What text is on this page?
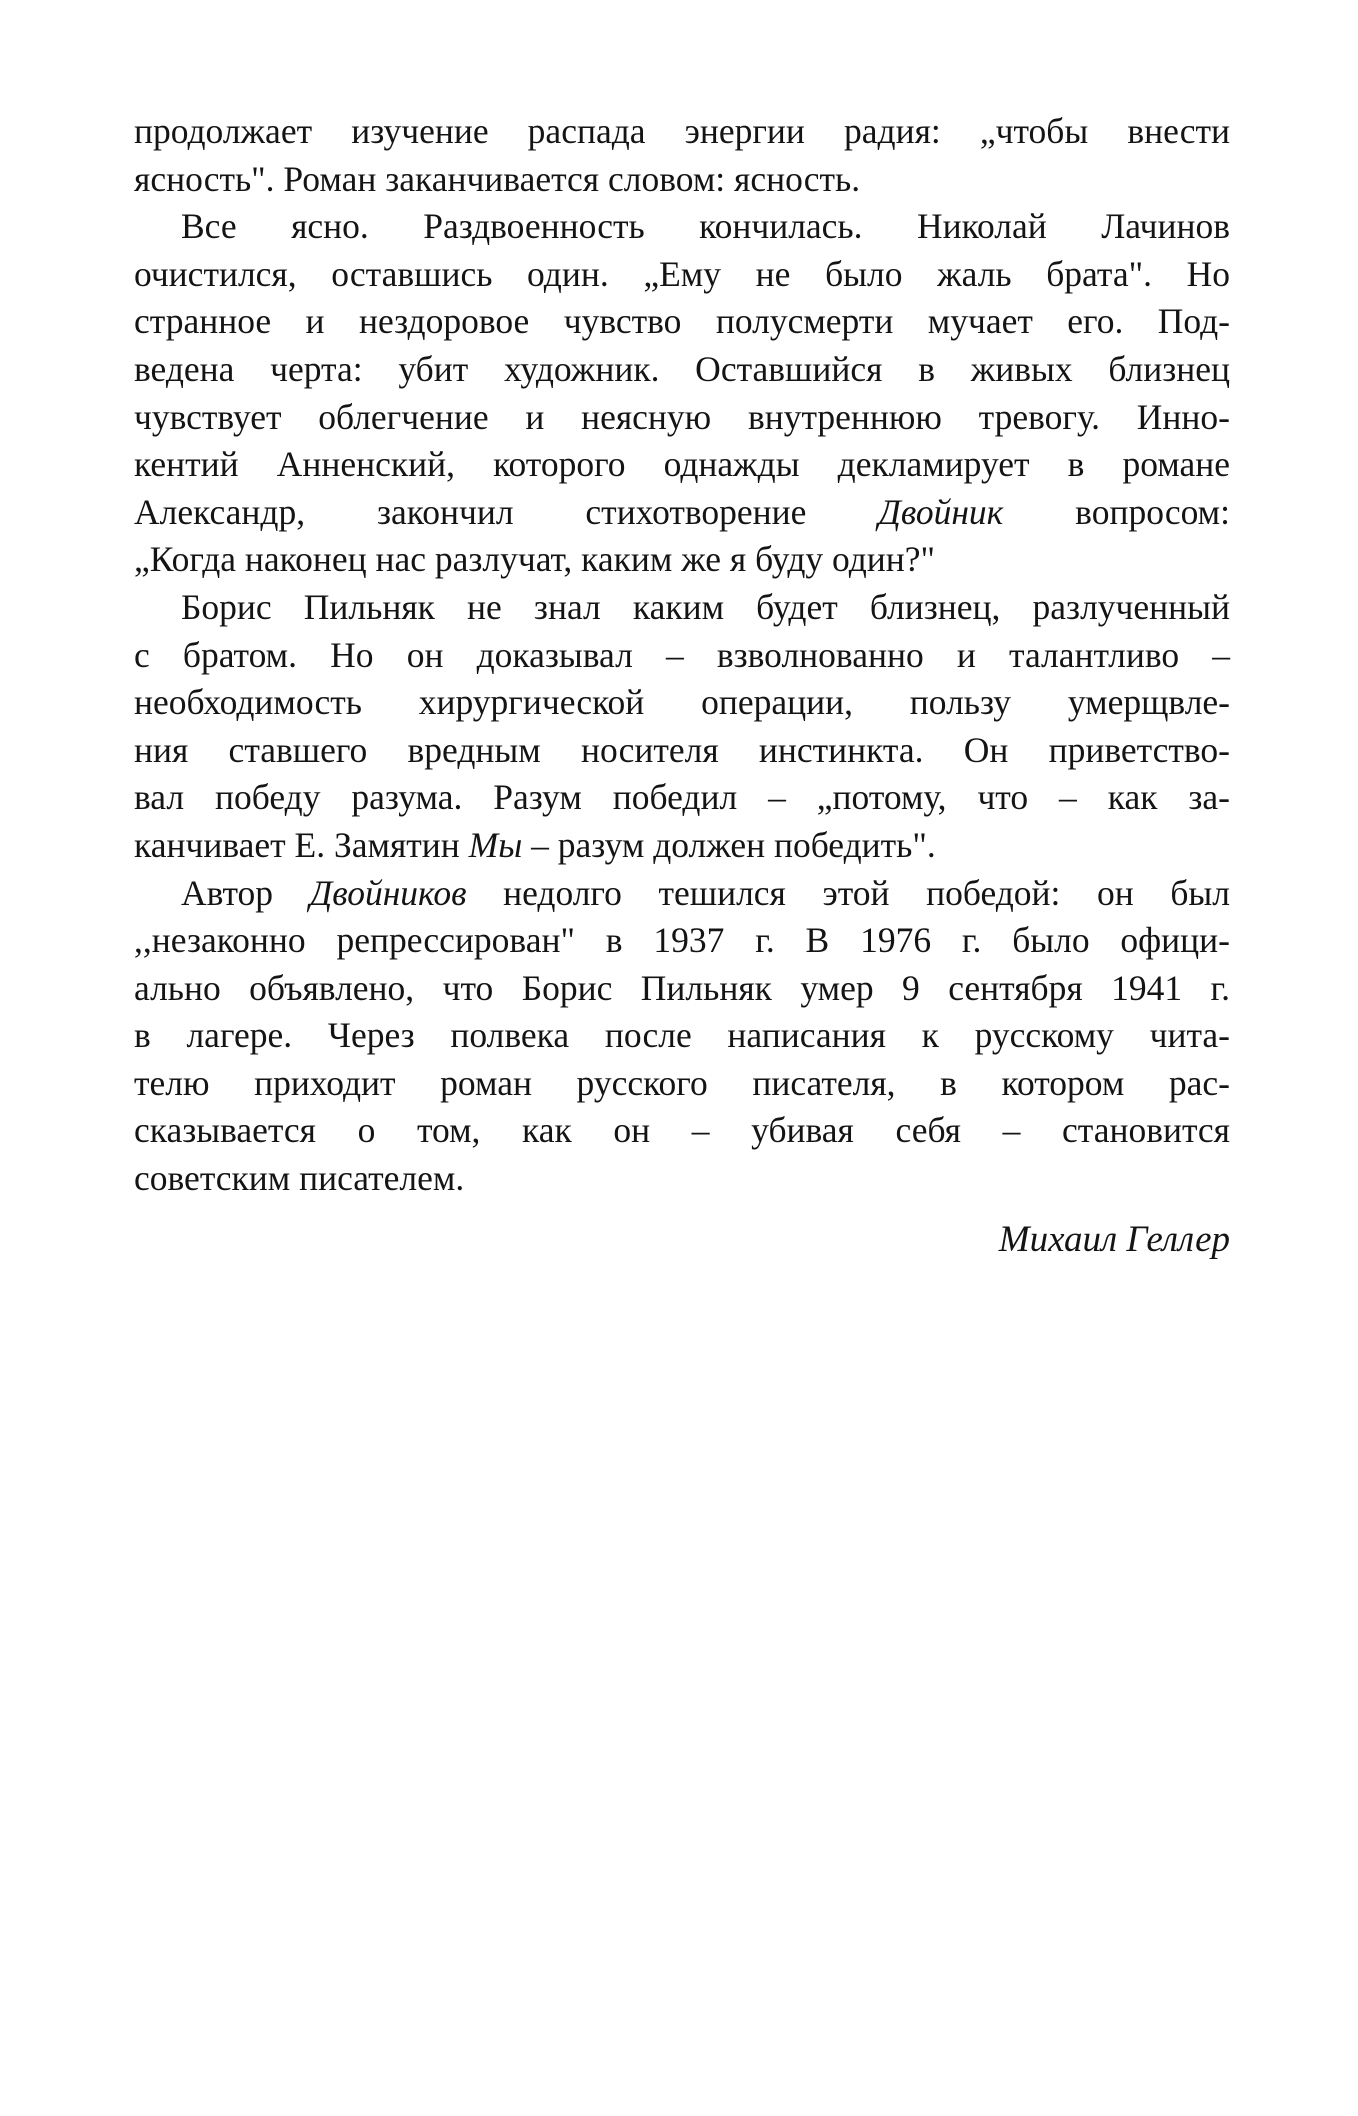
продолжает изучение распада энергии радия: „чтобы внести
ясность". Роман заканчивается словом: ясность.
Все ясно. Раздвоенность кончилась. Николай Лачинов
очистился, оставшись один. „Ему не было жаль брата". Но
странное и нездоровое чувство полусмерти мучает его. Под-
ведена черта: убит художник. Оставшийся в живых близнец
чувствует облегчение и неясную внутреннюю тревогу. Инно-
кентий Анненский, которого однажды декламирует в романе
Александр, закончил стихотворение Двойник вопросом:
„Когда наконец нас разлучат, каким же я буду один?"
Борис Пильняк не знал каким будет близнец, разлученный
с братом. Но он доказывал – взволнованно и талантливо –
необходимость хирургической операции, пользу умерщвле-
ния ставшего вредным носителя инстинкта. Он приветство-
вал победу разума. Разум победил – „потому, что – как за-
канчивает Е. Замятин Мы – разум должен победить".
Автор Двойников недолго тешился этой победой: он был
,,незаконно репрессирован" в 1937 г. В 1976 г. было офици-
ально объявлено, что Борис Пильняк умер 9 сентября 1941 г.
в лагере. Через полвека после написания к русскому чита-
телю приходит роман русского писателя, в котором рас-
сказывается о том, как он – убивая себя – становится
советским писателем.
Михаил Геллер
